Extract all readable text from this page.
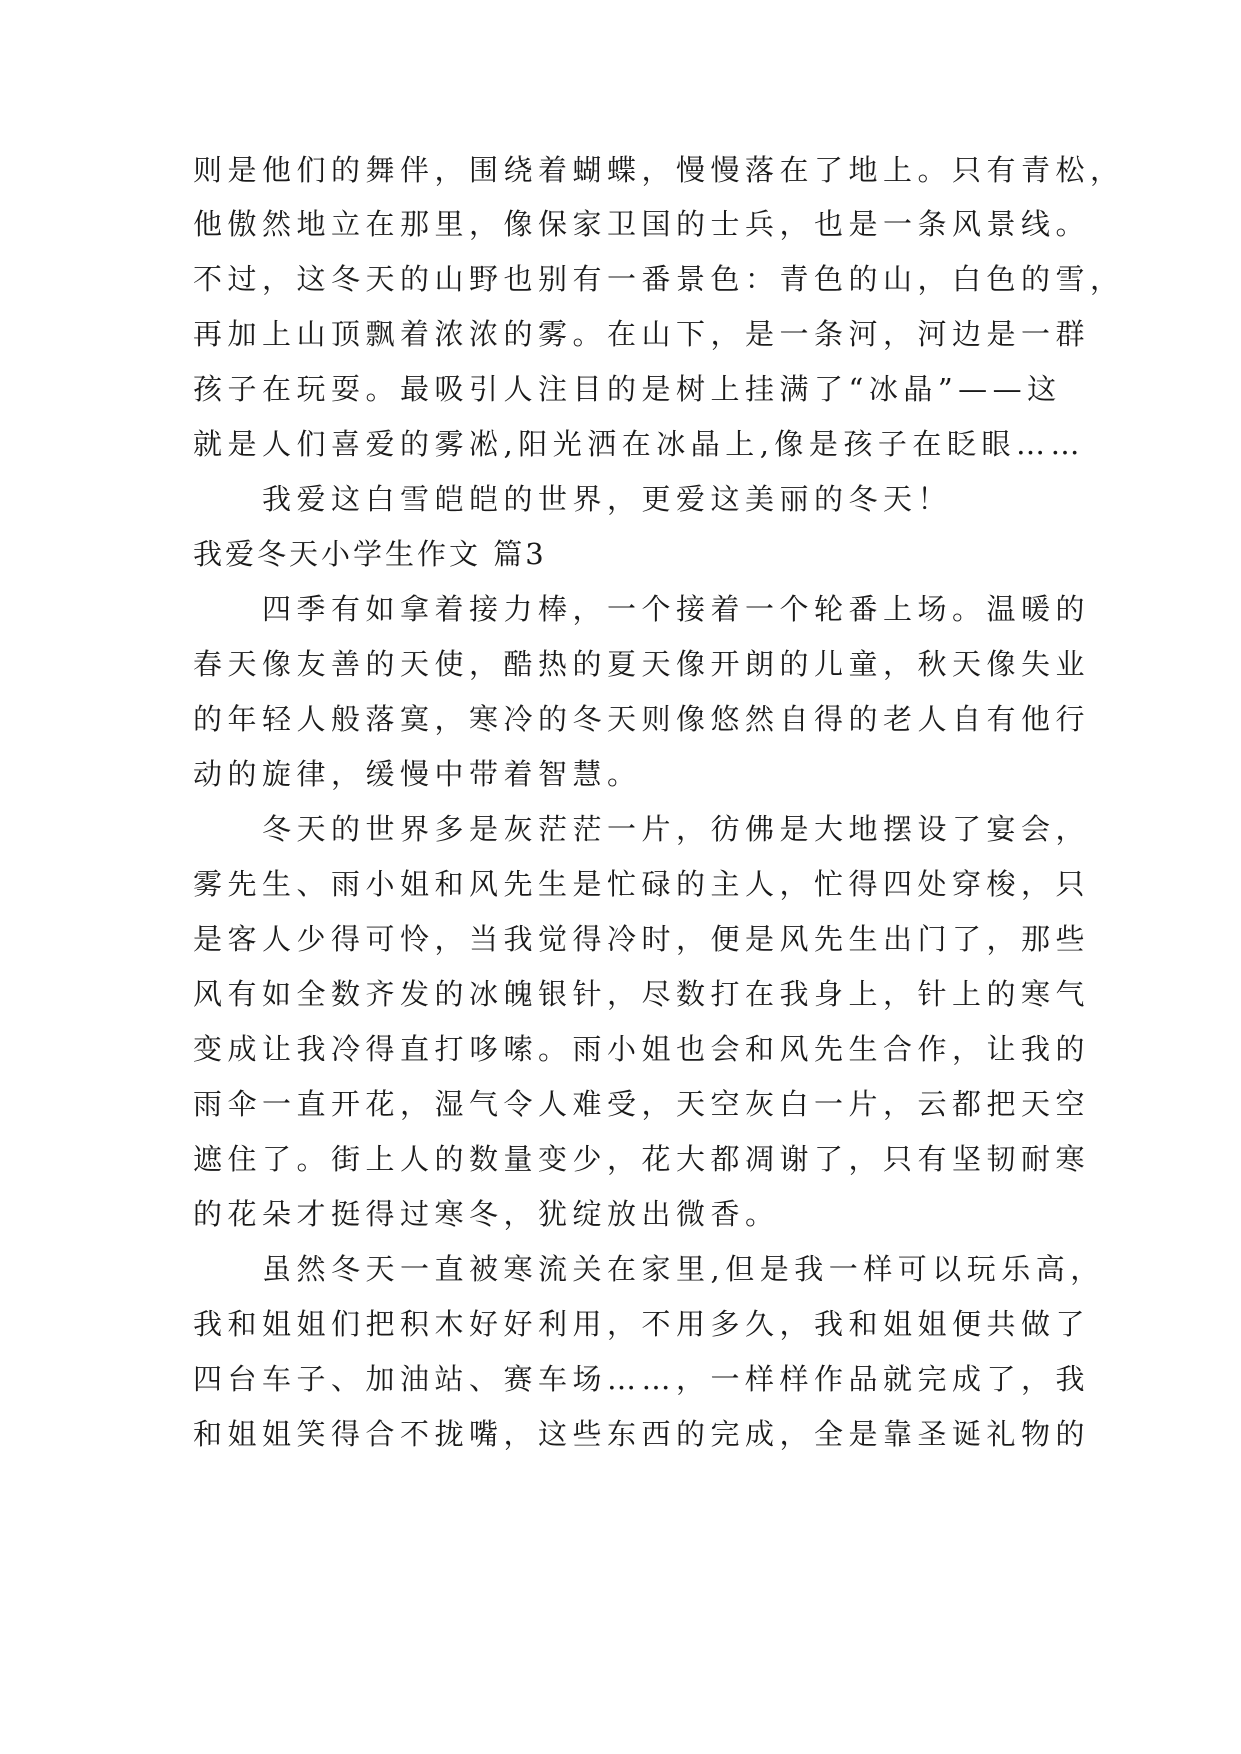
则是他们的舞伴，围绕着蝴蝶，慢慢落在了地上。只有青松，
他傲然地立在那里，像保家卫国的士兵，也是一条风景线。
不过，这冬天的山野也别有一番景色：青色的山，白色的雪，
再加上山顶飘着浓浓的雾。在山下，是一条河，河边是一群
孩子在玩耍。最吸引人注目的是树上挂满了“冰晶”——这
就是人们喜爱的雾凇,阳光洒在冰晶上,像是孩子在眨眼……
　　我爱这白雪皑皑的世界，更爱这美丽的冬天！
我爱冬天小学生作文 篇3
　　四季有如拿着接力棒，一个接着一个轮番上场。温暖的
春天像友善的天使，酷热的夏天像开朗的儿童，秋天像失业
的年轻人般落寞，寒冷的冬天则像悠然自得的老人自有他行
动的旋律，缓慢中带着智慧。
　　冬天的世界多是灰茫茫一片，彷佛是大地摆设了宴会，
雾先生、雨小姐和风先生是忙碌的主人，忙得四处穿梭，只
是客人少得可怜，当我觉得冷时，便是风先生出门了，那些
风有如全数齐发的冰魄银针，尽数打在我身上，针上的寒气
变成让我冷得直打哆嗦。雨小姐也会和风先生合作，让我的
雨伞一直开花，湿气令人难受，天空灰白一片，云都把天空
遮住了。街上人的数量变少，花大都凋谢了，只有坚韧耐寒
的花朵才挺得过寒冬，犹绽放出微香。
　　虽然冬天一直被寒流关在家里,但是我一样可以玩乐高，
我和姐姐们把积木好好利用，不用多久，我和姐姐便共做了
四台车子、加油站、赛车场……，一样样作品就完成了，我
和姐姐笑得合不拢嘴，这些东西的完成，全是靠圣诞礼物的
